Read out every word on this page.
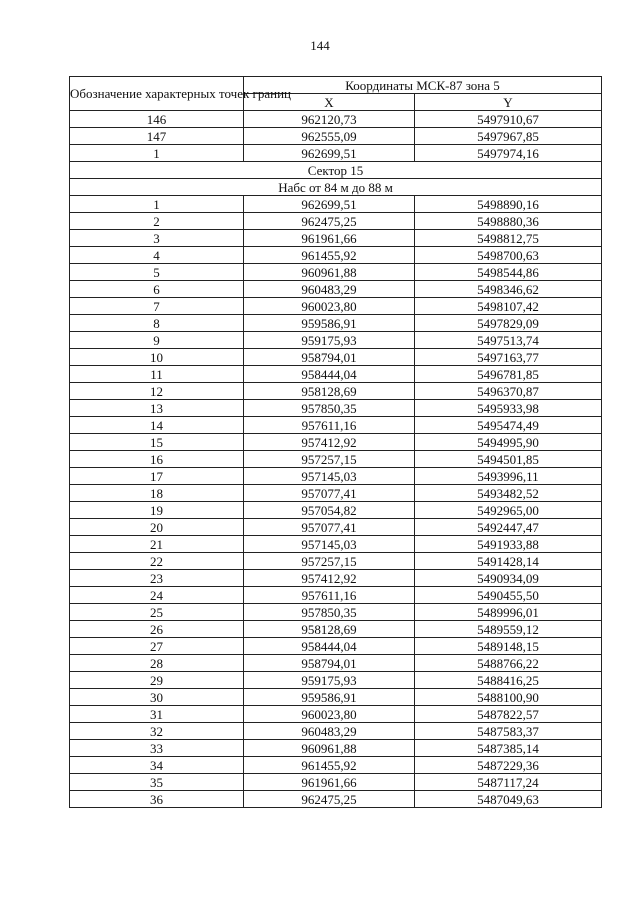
144
Обозначение характерных точек границ	Координаты МСК-87 зона 5	
	X	Y
146	962120,73	5497910,67
147	962555,09	5497967,85
1	962699,51	5497974,16
Сектор 15		
Набс от 84 м до 88 м		
1	962699,51	5498890,16
2	962475,25	5498880,36
3	961961,66	5498812,75
4	961455,92	5498700,63
5	960961,88	5498544,86
6	960483,29	5498346,62
7	960023,80	5498107,42
8	959586,91	5497829,09
9	959175,93	5497513,74
10	958794,01	5497163,77
11	958444,04	5496781,85
12	958128,69	5496370,87
13	957850,35	5495933,98
14	957611,16	5495474,49
15	957412,92	5494995,90
16	957257,15	5494501,85
17	957145,03	5493996,11
18	957077,41	5493482,52
19	957054,82	5492965,00
20	957077,41	5492447,47
21	957145,03	5491933,88
22	957257,15	5491428,14
23	957412,92	5490934,09
24	957611,16	5490455,50
25	957850,35	5489996,01
26	958128,69	5489559,12
27	958444,04	5489148,15
28	958794,01	5488766,22
29	959175,93	5488416,25
30	959586,91	5488100,90
31	960023,80	5487822,57
32	960483,29	5487583,37
33	960961,88	5487385,14
34	961455,92	5487229,36
35	961961,66	5487117,24
36	962475,25	5487049,63
